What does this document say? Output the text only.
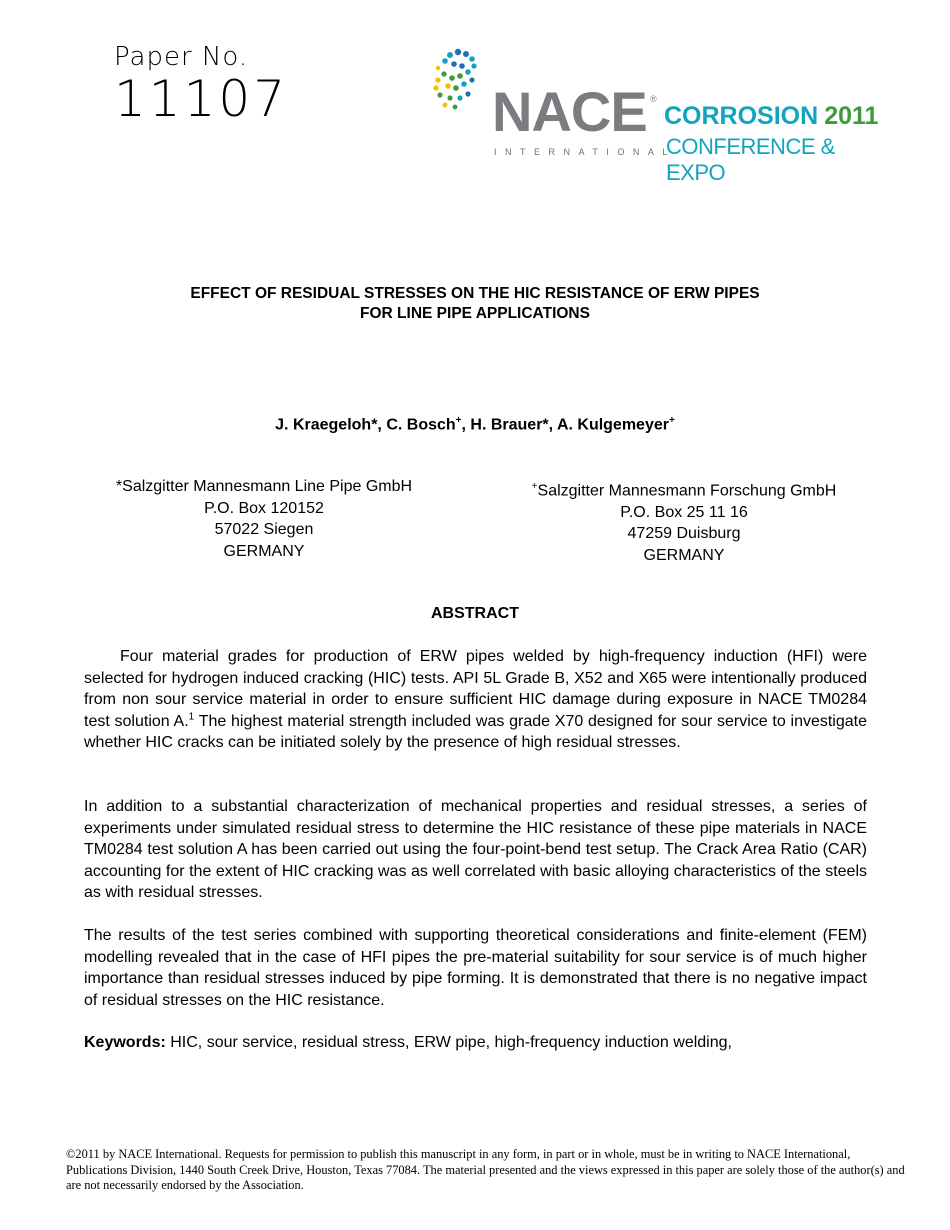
Paper No.
11107	NACE ®
INTERNATIONAL
CORROSION 2011
CONFERENCE & EXPO
EFFECT OF RESIDUAL STRESSES ON THE HIC RESISTANCE OF ERW PIPES
FOR LINE PIPE APPLICATIONS
J. Kraegeloh*, C. Bosch+, H. Brauer*, A. Kulgemeyer+
*Salzgitter Mannesmann Line Pipe GmbH
P.O. Box 120152
57022 Siegen
GERMANY
+Salzgitter Mannesmann Forschung GmbH
P.O. Box 25 11 16
47259 Duisburg
GERMANY
ABSTRACT

Four material grades for production of ERW pipes welded by high-frequency induction (HFI) were selected for hydrogen induced cracking (HIC) tests. API 5L Grade B, X52 and X65 were intentionally produced from non sour service material in order to ensure sufficient HIC damage during exposure in NACE TM0284 test solution A.$^1$ The highest material strength included was grade X70 designed for sour service to investigate whether HIC cracks can be initiated solely by the presence of high residual stresses.

In addition to a substantial characterization of mechanical properties and residual stresses, a series of experiments under simulated residual stress to determine the HIC resistance of these pipe materials in NACE TM0284 test solution A has been carried out using the four-point-bend test setup. The Crack Area Ratio (CAR) accounting for the extent of HIC cracking was as well correlated with basic alloying characteristics of the steels as with residual stresses.

The results of the test series combined with supporting theoretical considerations and finite-element (FEM) modelling revealed that in the case of HFI pipes the pre-material suitability for sour service is of much higher importance than residual stresses induced by pipe forming. It is demonstrated that there is no negative impact of residual stresses on the HIC resistance.

Keywords: HIC, sour service, residual stress, ERW pipe, high-frequency induction welding,

©2011 by NACE International. Requests for permission to publish this manuscript in any form, in part or in whole, must be in writing to NACE International, Publications Division, 1440 South Creek Drive, Houston, Texas 77084. The material presented and the views expressed in this paper are solely those of the author(s) and are not necessarily endorsed by the Association.
